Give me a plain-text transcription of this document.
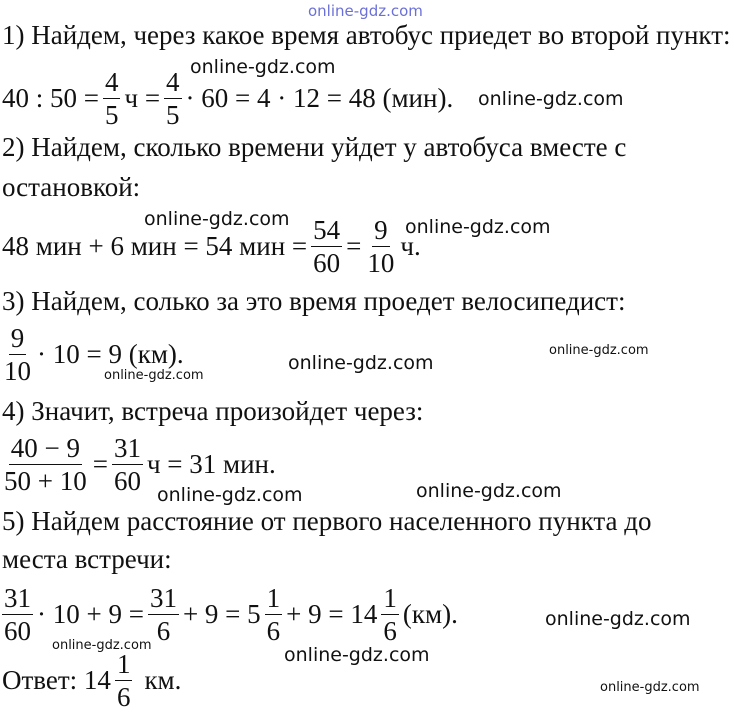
online-gdz.com
online-gdz.com
online-gdz.com
online-gdz.com	online-gdz.com
online-gdz.com
online-gdz.com
online-gdz.com
online-gdz.com	online-gdz.com
online-gdz.com
online-gdz.com	online-gdz.com
1) Найдем, через какое время автобус приедет во второй пункт:
40 : $50 = \frac{4}{5}$ $ч = \frac{4}{5} \cdot 60 = 4 \cdot 12 = 48$ (мин).
2) Найдем, сколько времени уйдет у автобуса вместе с
остановкой:
48 мин + 6 мин = 54 мин = $\frac{54}{60} = \frac{9}{10} ч$.
3) Найдем, солько за это время проедет велосипедист:
$\frac{9}{10} \cdot 10 = 9$ (км).
4) Значит, встреча произойдет через:
$\frac{40 - 9}{50 + 10} = \frac{31}{60}$ ч = 31 мин.
5) Найдем расстояние от первого населенного пункта до
места встречи:
$\frac{31}{60} \cdot 10 + 9 = \frac{31}{6} + 9 = 5 \frac{1}{6} + 9 = 14 \frac{1}{6} (км)$.
Ответ: $14 \frac{1}{6}$ км.	online-gdz.com
